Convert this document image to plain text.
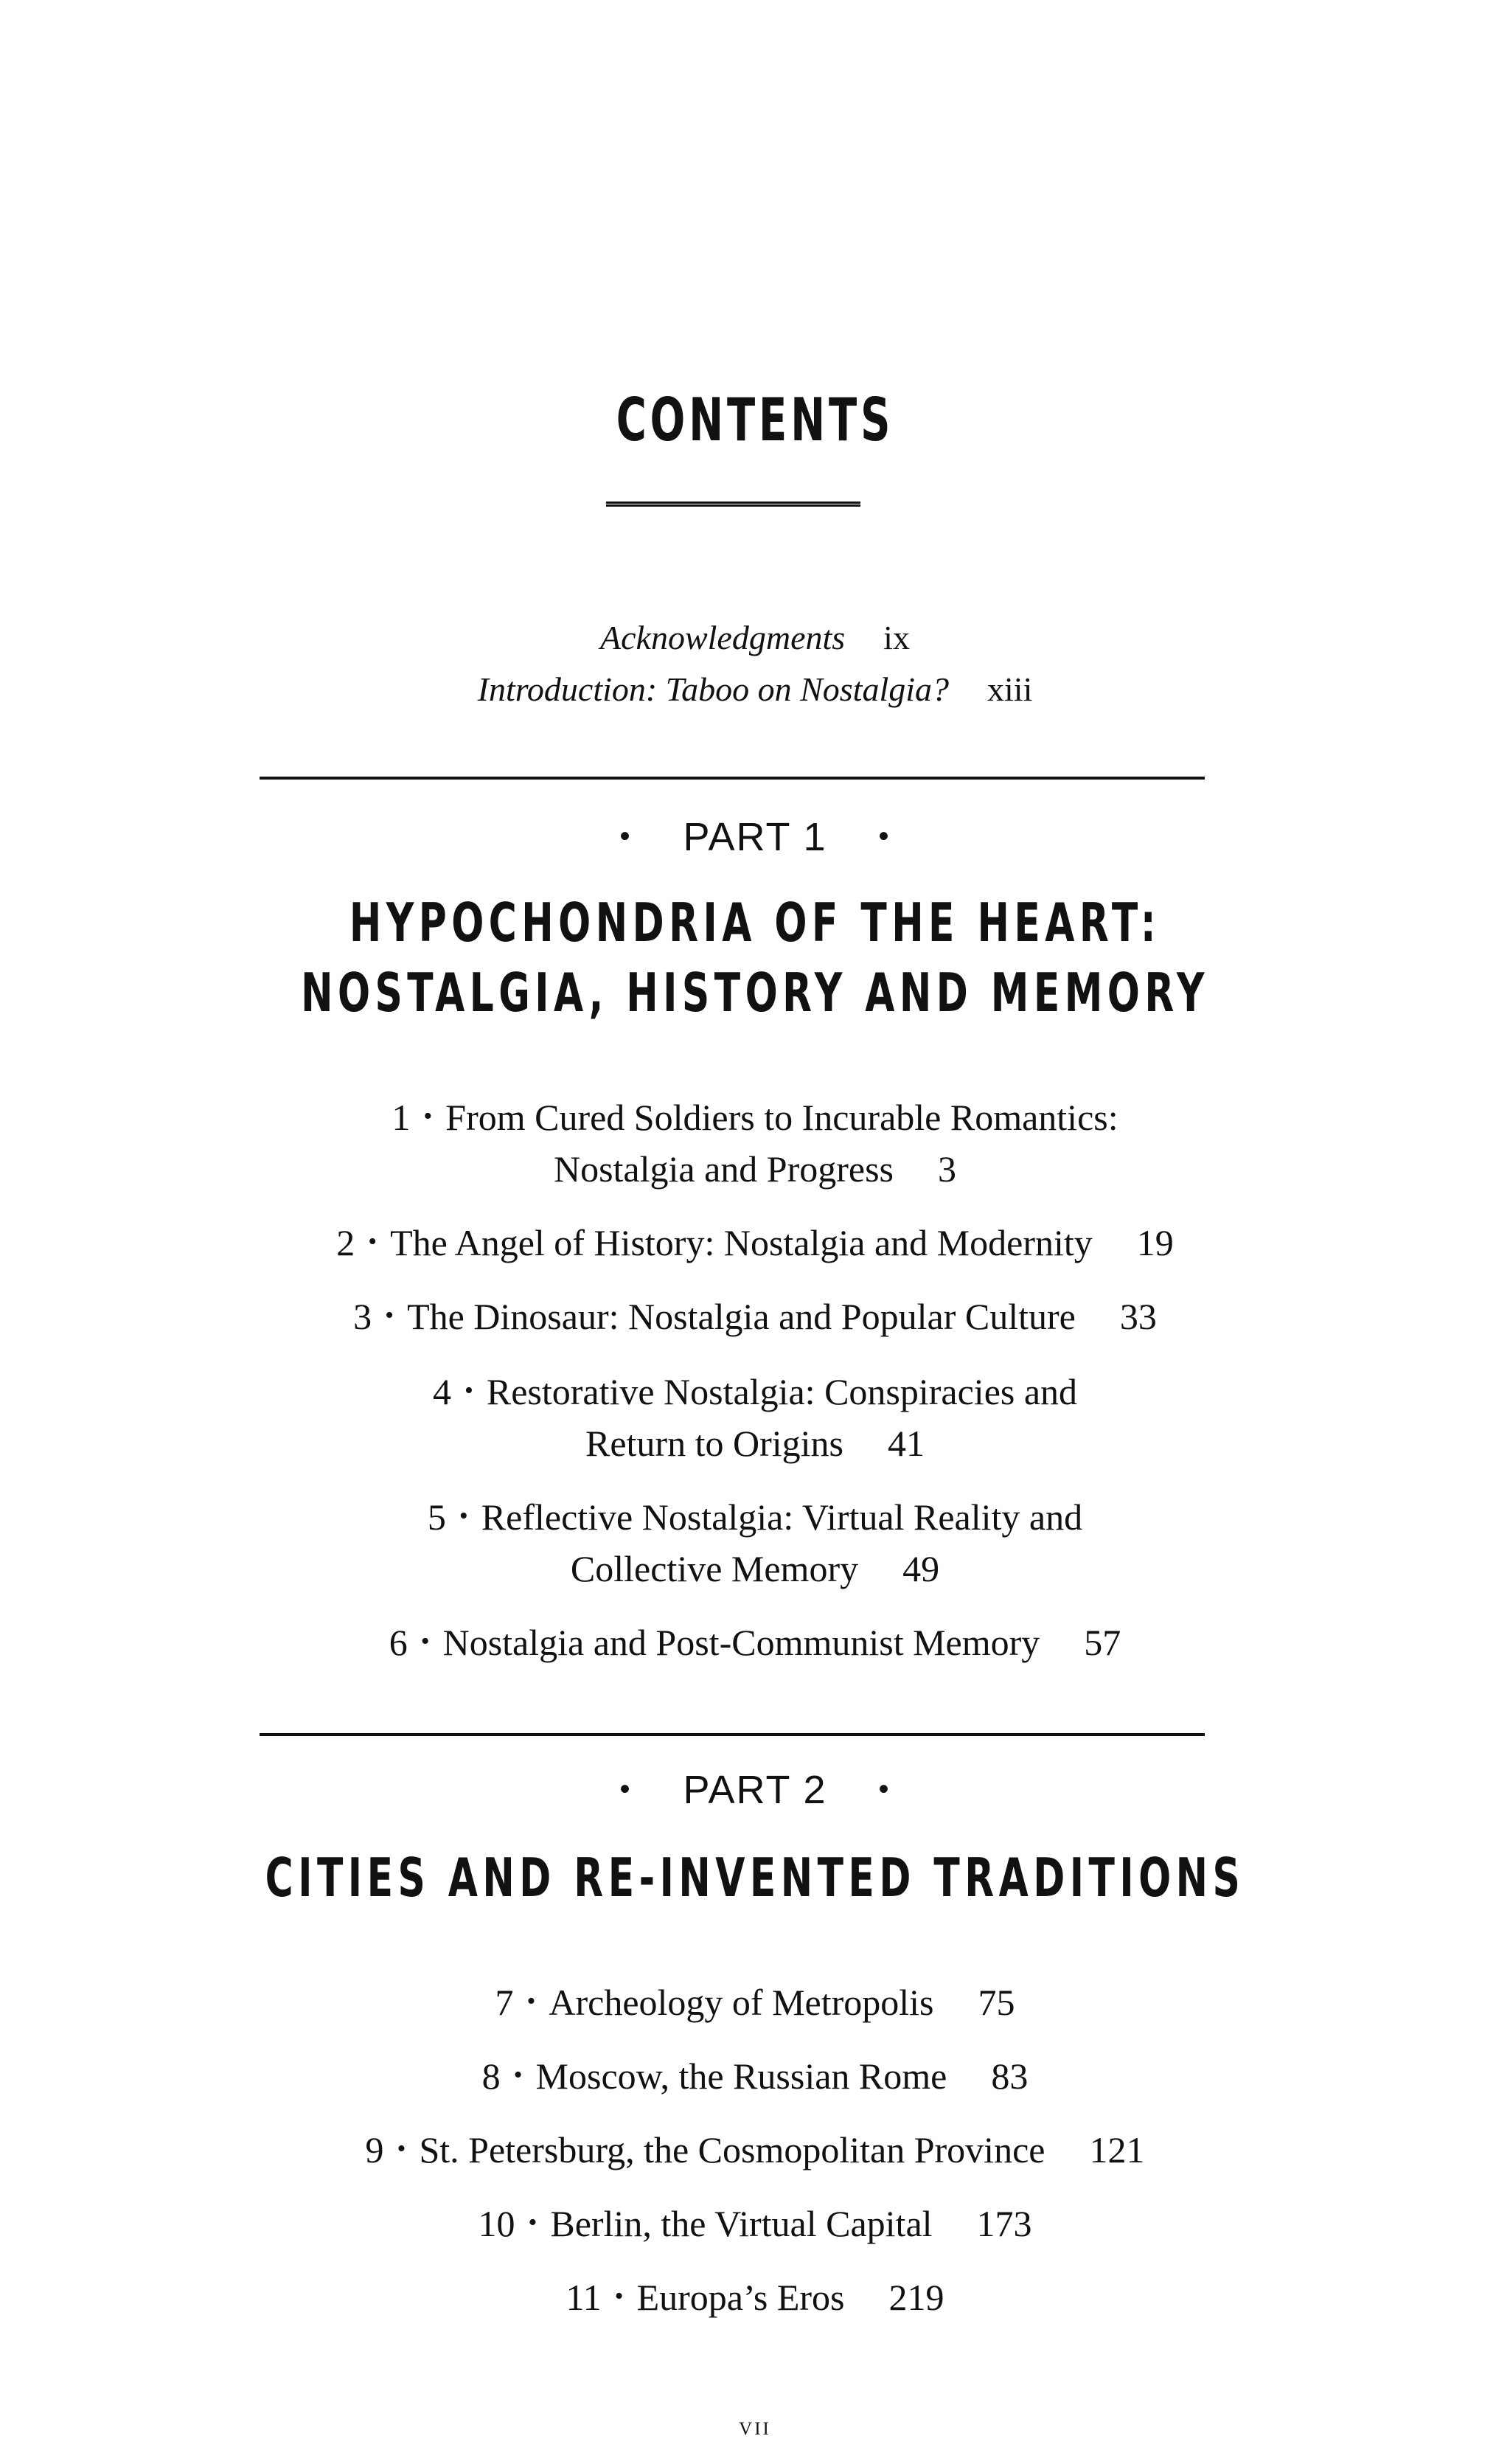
CONTENTS
Acknowledgments ix
Introduction: Taboo on Nostalgia? xiii
• PART 1 •
HYPOCHONDRIA OF THE HEART:
NOSTALGIA, HISTORY AND MEMORY
1 • From Cured Soldiers to Incurable Romantics:
Nostalgia and Progress 3
2 • The Angel of History: Nostalgia and Modernity 19
3 • The Dinosaur: Nostalgia and Popular Culture 33
4 • Restorative Nostalgia: Conspiracies and
Return to Origins 41
5 • Reflective Nostalgia: Virtual Reality and
Collective Memory 49
6 • Nostalgia and Post-Communist Memory 57
• PART 2 •
CITIES AND RE-INVENTED TRADITIONS
7 • Archeology of Metropolis 75
8 • Moscow, the Russian Rome 83
9 • St. Petersburg, the Cosmopolitan Province 121
10 • Berlin, the Virtual Capital 173
11 • Europa’s Eros 219
vii
